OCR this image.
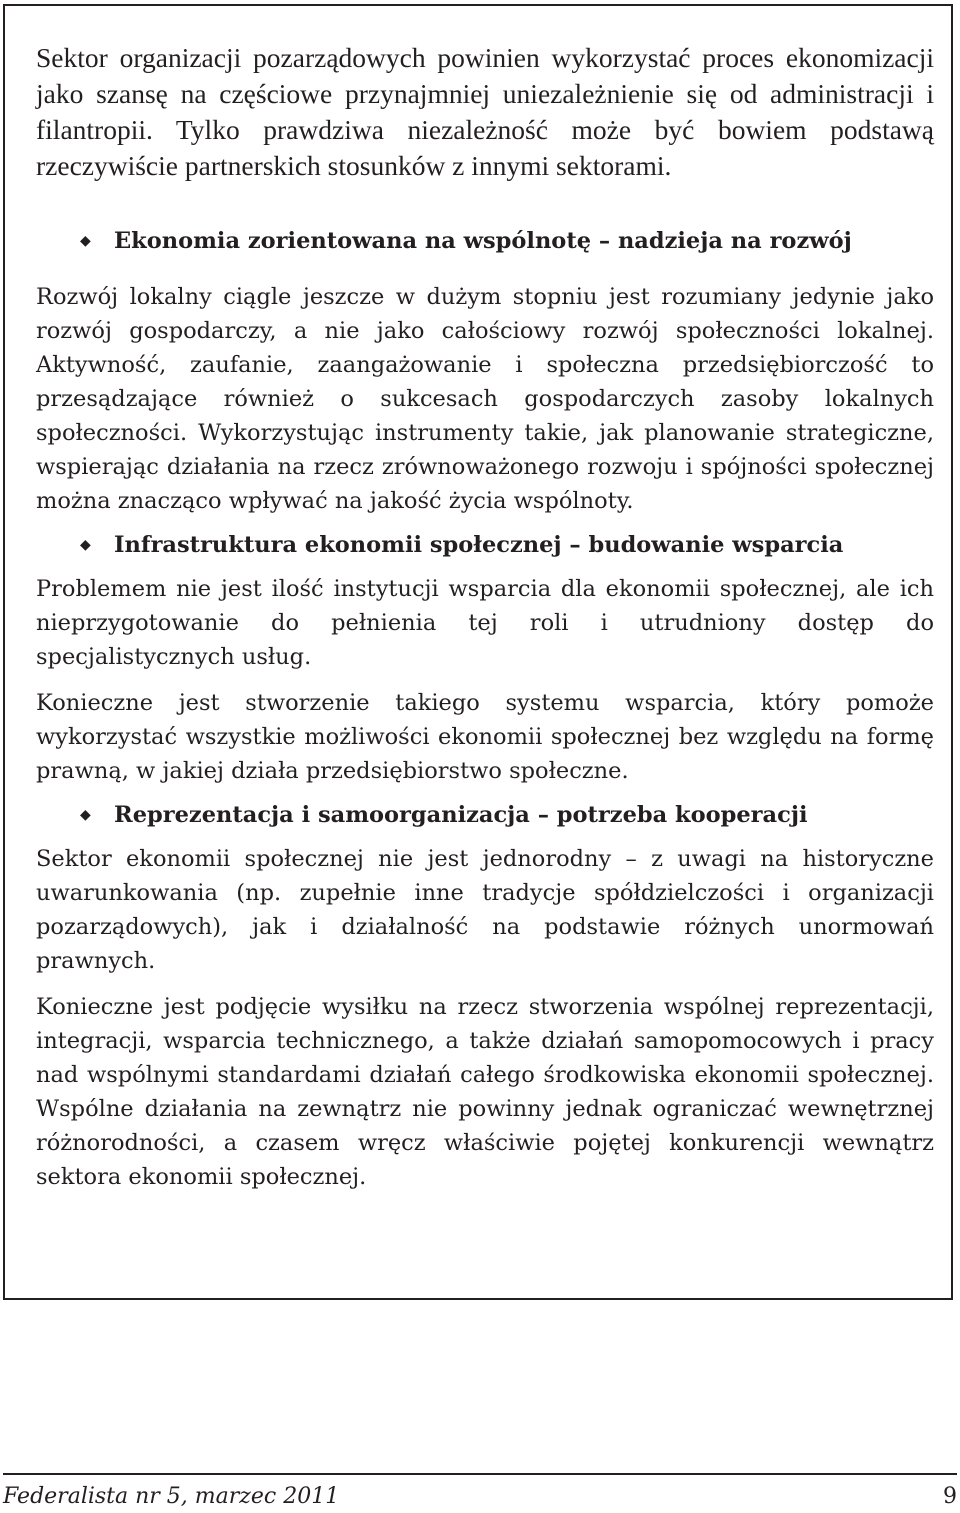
Sektor organizacji pozarządowych powinien wykorzystać proces ekonomizacji jako szansę na częściowe przynajmniej uniezależnienie się od administracji i filantropii. Tylko prawdziwa niezależność może być bowiem podstawą rzeczywiście partnerskich stosunków z innymi sektorami.

◆	Ekonomia zorientowana na wspólnotę – nadzieja na rozwój

Rozwój lokalny ciągle jeszcze w dużym stopniu jest rozumiany jedynie jako rozwój gospodarczy, a nie jako całościowy rozwój społeczności lokalnej. Aktywność, zaufanie, zaangażowanie i społeczna przedsiębiorczość to przesądzające również o sukcesach gospodarczych zasoby lokalnych społeczności. Wykorzystując instrumenty takie, jak planowanie strategiczne, wspierając działania na rzecz zrównoważonego rozwoju i spójności społecznej można znacząco wpływać na jakość życia wspólnoty.

◆	Infrastruktura ekonomii społecznej – budowanie wsparcia

Problemem nie jest ilość instytucji wsparcia dla ekonomii społecznej, ale ich nieprzygotowanie do pełnienia tej roli i utrudniony dostęp do specjalistycznych usług.

Konieczne jest stworzenie takiego systemu wsparcia, który pomoże wykorzystać wszystkie możliwości ekonomii społecznej bez względu na formę prawną, w jakiej działa przedsiębiorstwo społeczne.

◆	Reprezentacja i samoorganizacja – potrzeba kooperacji

Sektor ekonomii społecznej nie jest jednorodny – z uwagi na historyczne uwarunkowania (np. zupełnie inne tradycje spółdzielczości i organizacji pozarządowych), jak i działalność na podstawie różnych unormowań prawnych.

Konieczne jest podjęcie wysiłku na rzecz stworzenia wspólnej reprezentacji, integracji, wsparcia technicznego, a także działań samopomocowych i pracy nad wspólnymi standardami działań całego środkowiska ekonomii społecznej. Wspólne działania na zewnątrz nie powinny jednak ograniczać wewnętrznej różnorodności, a czasem wręcz właściwie pojętej konkurencji wewnątrz sektora ekonomii społecznej.

Federalista nr 5, marzec 2011	9
